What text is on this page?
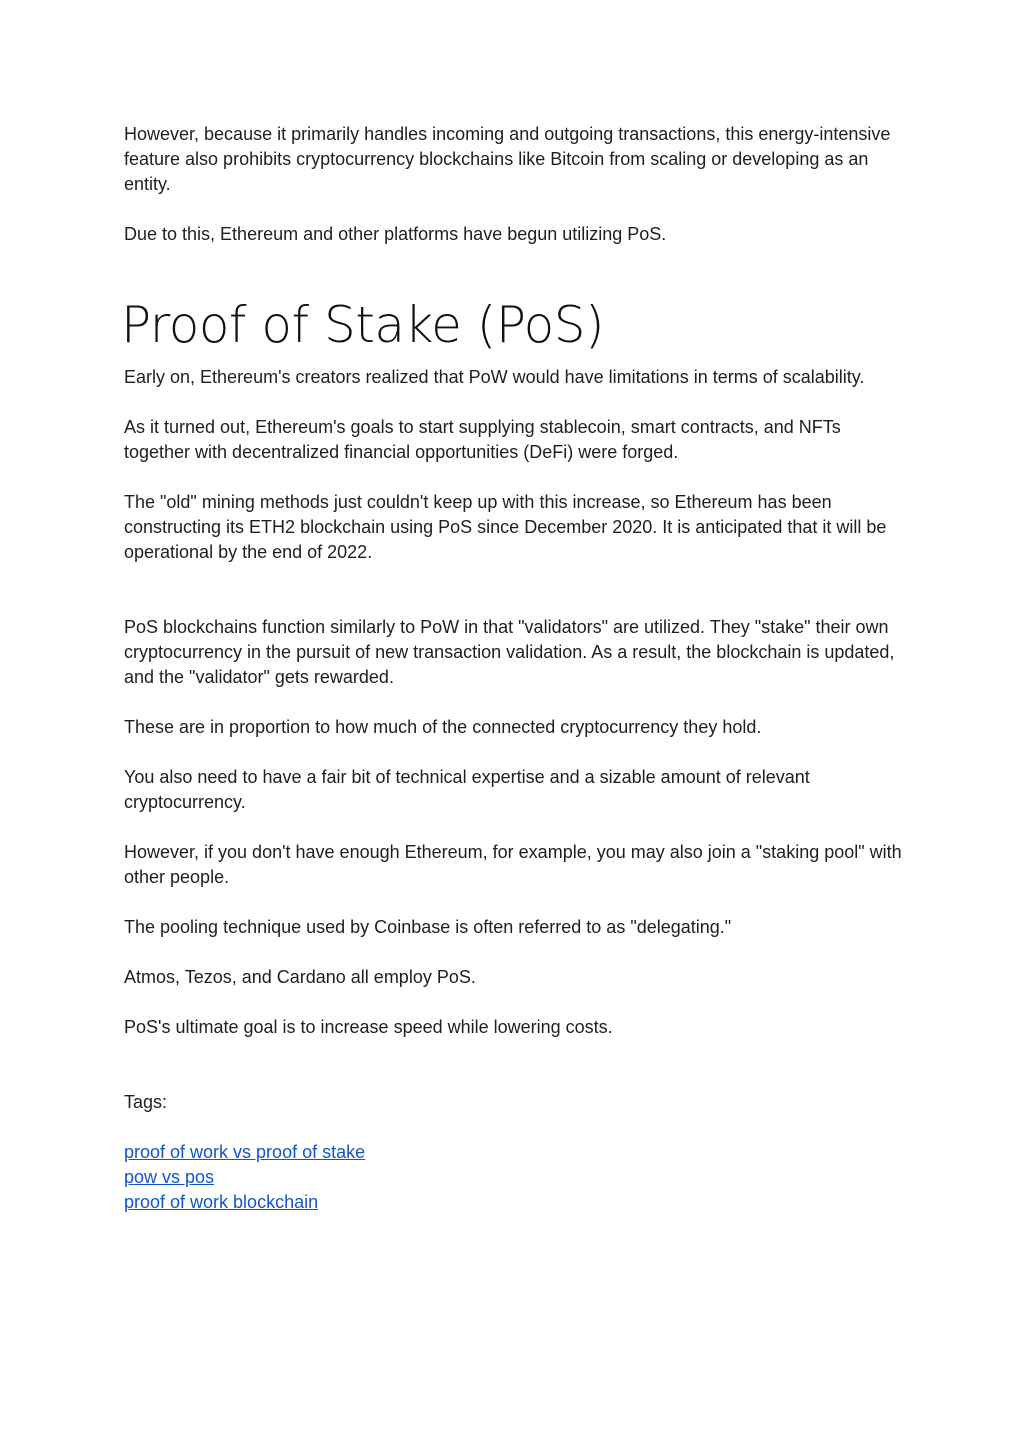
However, because it primarily handles incoming and outgoing transactions, this energy-intensive feature also prohibits cryptocurrency blockchains like Bitcoin from scaling or developing as an entity.

Due to this, Ethereum and other platforms have begun utilizing PoS.

Proof of Stake (PoS)

Early on, Ethereum's creators realized that PoW would have limitations in terms of scalability.

As it turned out, Ethereum's goals to start supplying stablecoin, smart contracts, and NFTs together with decentralized financial opportunities (DeFi) were forged.

The "old" mining methods just couldn't keep up with this increase, so Ethereum has been constructing its ETH2 blockchain using PoS since December 2020. It is anticipated that it will be operational by the end of 2022.

PoS blockchains function similarly to PoW in that "validators" are utilized. They "stake" their own cryptocurrency in the pursuit of new transaction validation. As a result, the blockchain is updated, and the "validator" gets rewarded.

These are in proportion to how much of the connected cryptocurrency they hold.

You also need to have a fair bit of technical expertise and a sizable amount of relevant cryptocurrency.

However, if you don't have enough Ethereum, for example, you may also join a "staking pool" with other people.

The pooling technique used by Coinbase is often referred to as "delegating."

Atmos, Tezos, and Cardano all employ PoS.

PoS's ultimate goal is to increase speed while lowering costs.

Tags:

proof of work vs proof of stake
pow vs pos
proof of work blockchain
